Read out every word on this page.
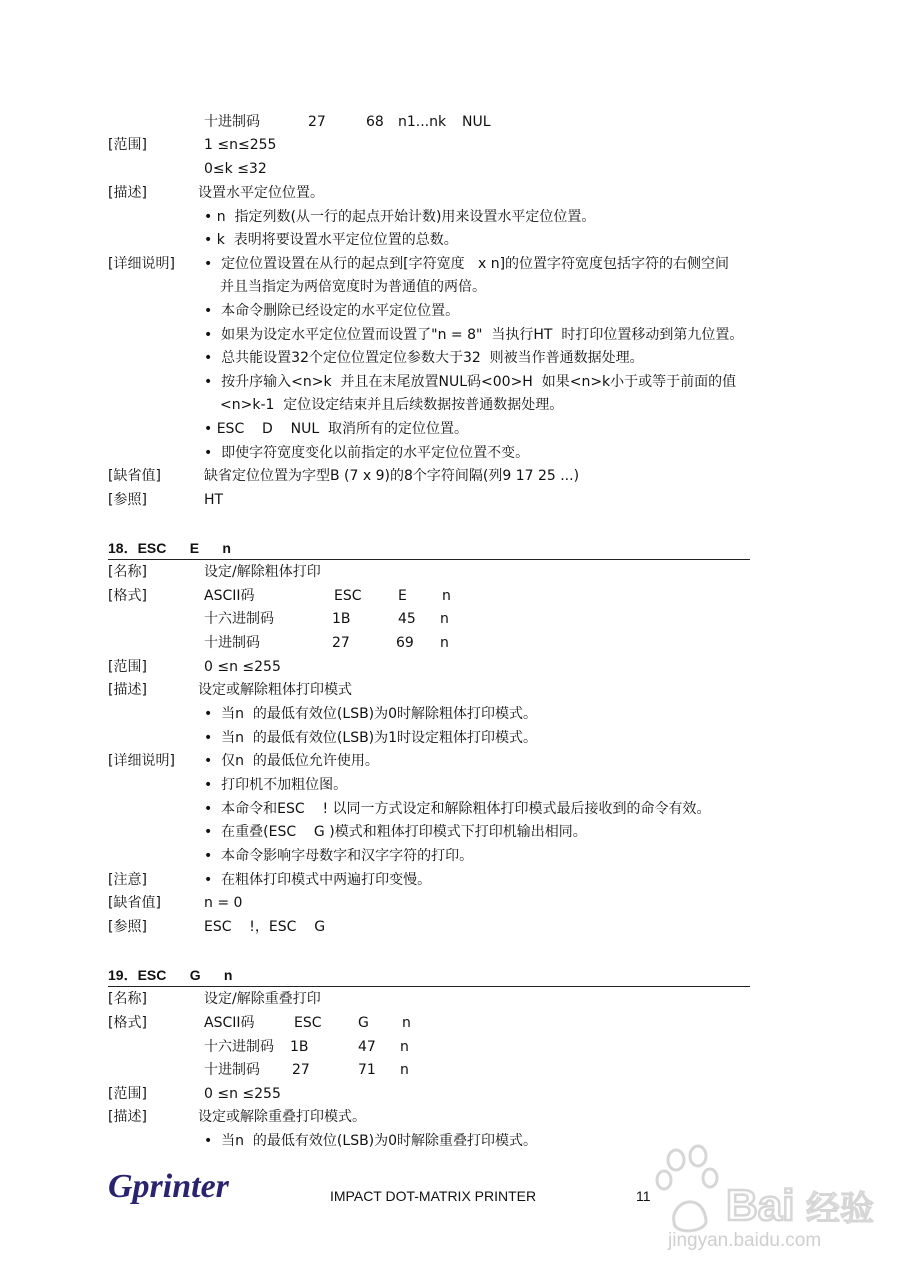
十进制码	27	68 n1...nk NUL
[范围]	1 ≤n≤255
0≤k ≤32
[描述]	设置水平定位位置。
• n  指定列数(从一行的起点开始计数)用来设置水平定位位置。
• k  表明将要设置水平定位位置的总数。
[详细说明] •  定位位置设置在从行的起点到[字符宽度   x n]的位置字符宽度包括字符的右侧空间
并且当指定为两倍宽度时为普通值的两倍。
•  本命令删除已经设定的水平定位位置。
•  如果为设定水平定位位置而设置了"n = 8"  当执行HT  时打印位置移动到第九位置。
•  总共能设置32个定位位置定位参数大于32  则被当作普通数据处理。
•  按升序输入<n>k  并且在末尾放置NUL码<00>H  如果<n>k小于或等于前面的值
<n>k-1  定位设定结束并且后续数据按普通数据处理。
• ESC    D    NUL  取消所有的定位位置。
•  即使字符宽度变化以前指定的水平定位位置不变。
[缺省值]	缺省定位位置为字型B (7 x 9)的8个字符间隔(列9 17 25 ...)
[参照]	HT
18．ESC      E      n
[名称]	设定/解除粗体打印
[格式]	ASCII码	ESC	E	n
十六进制码	1B	45 n
十进制码	27	69 n
[范围]	0 ≤n ≤255
[描述]	设定或解除粗体打印模式
•  当n  的最低有效位(LSB)为0时解除粗体打印模式。
•  当n  的最低有效位(LSB)为1时设定粗体打印模式。
[详细说明] •  仅n  的最低位允许使用。
•  打印机不加粗位图。
•  本命令和ESC    ! 以同一方式设定和解除粗体打印模式最后接收到的命令有效。
•  在重叠(ESC    G )模式和粗体打印模式下打印机输出相同。
•  本命令影响字母数字和汉字字符的打印。
[注意]	•  在粗体打印模式中两遍打印变慢。
[缺省值]	n = 0
[参照]	ESC    !，ESC    G
19．ESC      G      n
[名称]	设定/解除重叠打印
[格式]	ASCII码	ESC	G n
十六进制码 1B	47 n
十进制码 27	71 n
[范围]	0 ≤n ≤255
[描述]	设定或解除重叠打印模式。
•  当n  的最低有效位(LSB)为0时解除重叠打印模式。
Gprinter	IMPACT DOT-MATRIX PRINTER	11 Bai 经验
jingyan.baidu.com
